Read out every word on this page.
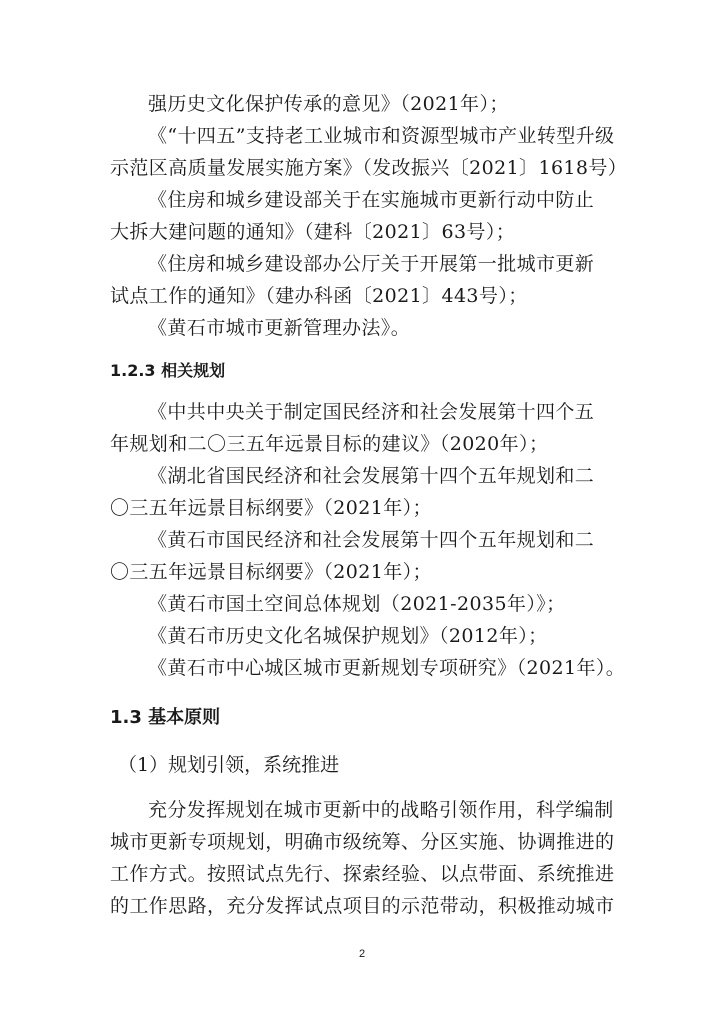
强历史文化保护传承的意见》（2021年）；
《“十四五”支持老工业城市和资源型城市产业转型升级
示范区高质量发展实施方案》（发改振兴〔2021〕1618号）
《住房和城乡建设部关于在实施城市更新行动中防止
大拆大建问题的通知》（建科〔2021〕63号）；
《住房和城乡建设部办公厅关于开展第一批城市更新
试点工作的通知》（建办科函〔2021〕443号）；
《黄石市城市更新管理办法》。
1.2.3 相关规划
《中共中央关于制定国民经济和社会发展第十四个五
年规划和二〇三五年远景目标的建议》（2020年）；
《湖北省国民经济和社会发展第十四个五年规划和二
〇三五年远景目标纲要》（2021年）；
《黄石市国民经济和社会发展第十四个五年规划和二
〇三五年远景目标纲要》（2021年）；
《黄石市国土空间总体规划（2021-2035年）》；
《黄石市历史文化名城保护规划》（2012年）；
《黄石市中心城区城市更新规划专项研究》（2021年）。
1.3 基本原则
（1）规划引领，系统推进
充分发挥规划在城市更新中的战略引领作用，科学编制
城市更新专项规划，明确市级统筹、分区实施、协调推进的
工作方式。按照试点先行、探索经验、以点带面、系统推进
的工作思路，充分发挥试点项目的示范带动，积极推动城市
2
